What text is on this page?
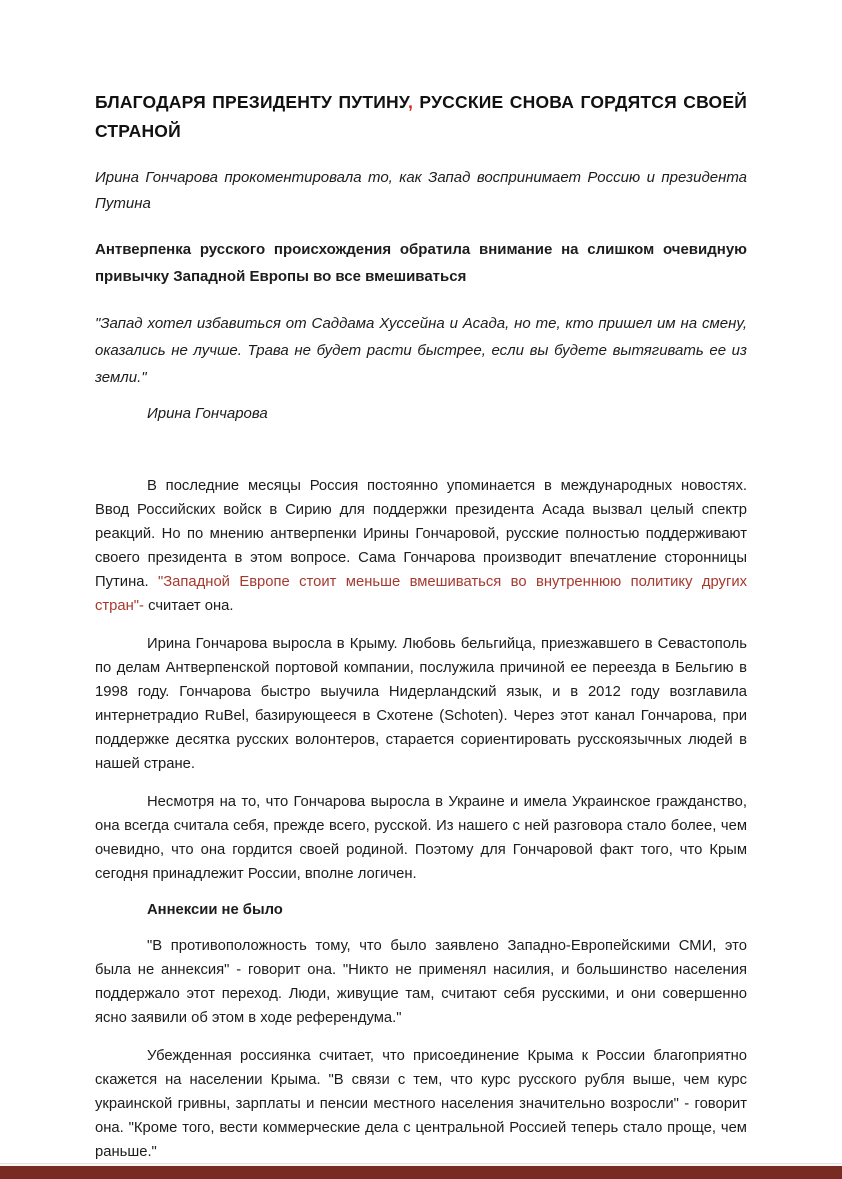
БЛАГОДАРЯ ПРЕЗИДЕНТУ ПУТИНУ, РУССКИЕ СНОВА ГОРДЯТСЯ СВОЕЙ СТРАНОЙ

Ирина Гончарова прокоментировала то, как Запад воспринимает Россию и президента Путина

Антверпенка русского происхождения обратила внимание на слишком очевидную привычку Западной Европы во все вмешиваться

"Запад хотел избавиться от Саддама Хуссейна и Асада, но те, кто пришел им на смену, оказались не лучше. Трава не будет расти быстрее, если вы будете вытягивать ее из земли."

Ирина Гончарова

В последние месяцы Россия постоянно упоминается в международных новостях. Ввод Российских войск в Сирию для поддержки президента Асада вызвал целый спектр реакций. Но по мнению антверпенки Ирины Гончаровой, русские полностью поддерживают своего президента в этом вопросе. Сама Гончарова производит впечатление сторонницы Путина. "Западной Европе стоит меньше вмешиваться во внутреннюю политику других стран"- считает она.

Ирина Гончарова выросла в Крыму. Любовь бельгийца, приезжавшего в Севастополь по делам Антверпенской портовой компании, послужила причиной ее переезда в Бельгию в 1998 году. Гончарова быстро выучила Нидерландский язык, и в 2012 году возглавила интернетрадио RuBel, базирующееся в Схотене (Schoten). Через этот канал Гончарова, при поддержке десятка русских волонтеров, старается сориентировать русскоязычных людей в нашей стране.

Несмотря на то, что Гончарова выросла в Украине и имела Украинское гражданство, она всегда считала себя, прежде всего, русской. Из нашего с ней разговора стало более, чем очевидно, что она гордится своей родиной. Поэтому для Гончаровой факт того, что Крым сегодня принадлежит России, вполне логичен.

Аннексии не было

"В противоположность тому, что было заявлено Западно-Европейскими СМИ, это была не аннексия" - говорит она. "Никто не применял насилия, и большинство населения поддержало этот переход. Люди, живущие там, считают себя русскими, и они совершенно ясно заявили об этом в ходе референдума."

Убежденная россиянка считает, что присоединение Крыма к России благоприятно скажется на населении Крыма. "В связи с тем, что курс русского рубля выше, чем курс украинской гривны, зарплаты и пенсии местного населения значительно возросли" - говорит она. "Кроме того, вести коммерческие дела с центральной Россией теперь стало проще, чем раньше."
